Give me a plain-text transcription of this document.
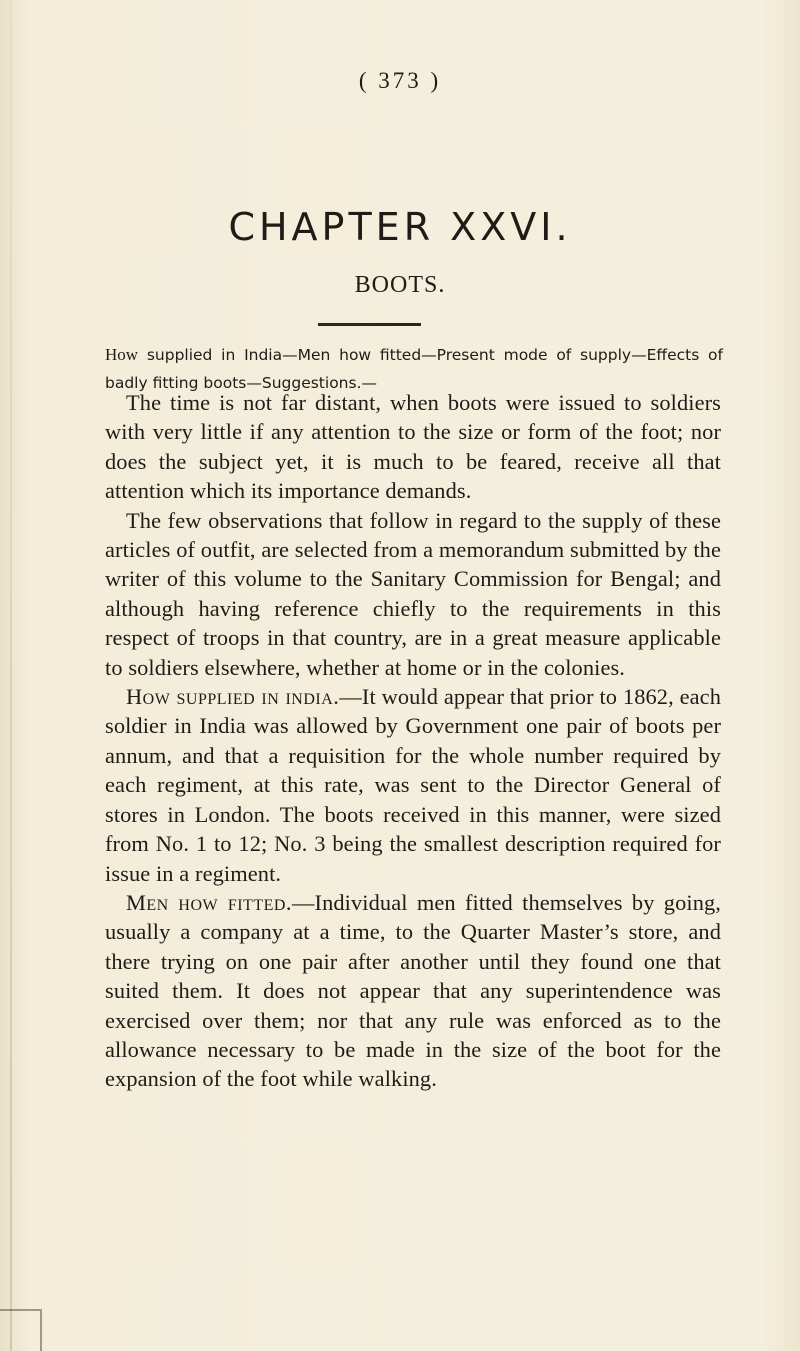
( 373 )
CHAPTER XXVI.
BOOTS.

How supplied in India—Men how fitted—Present mode of supply—Effects of badly fitting boots—Suggestions.—

The time is not far distant, when boots were issued to soldiers with very little if any attention to the size or form of the foot; nor does the subject yet, it is much to be feared, receive all that attention which its importance demands.

The few observations that follow in regard to the supply of these articles of outfit, are selected from a memorandum submitted by the writer of this volume to the Sanitary Commission for Bengal; and although having reference chiefly to the requirements in this respect of troops in that country, are in a great measure applicable to soldiers elsewhere, whether at home or in the colonies.

How supplied in india.—It would appear that prior to 1862, each soldier in India was allowed by Government one pair of boots per annum, and that a requisition for the whole number required by each regiment, at this rate, was sent to the Director General of stores in London. The boots received in this manner, were sized from No. 1 to 12; No. 3 being the smallest description required for issue in a regiment.

Men how fitted.—Individual men fitted themselves by going, usually a company at a time, to the Quarter Master’s store, and there trying on one pair after another until they found one that suited them. It does not appear that any superintendence was exercised over them; nor that any rule was enforced as to the allowance necessary to be made in the size of the boot for the expansion of the foot while walking.
